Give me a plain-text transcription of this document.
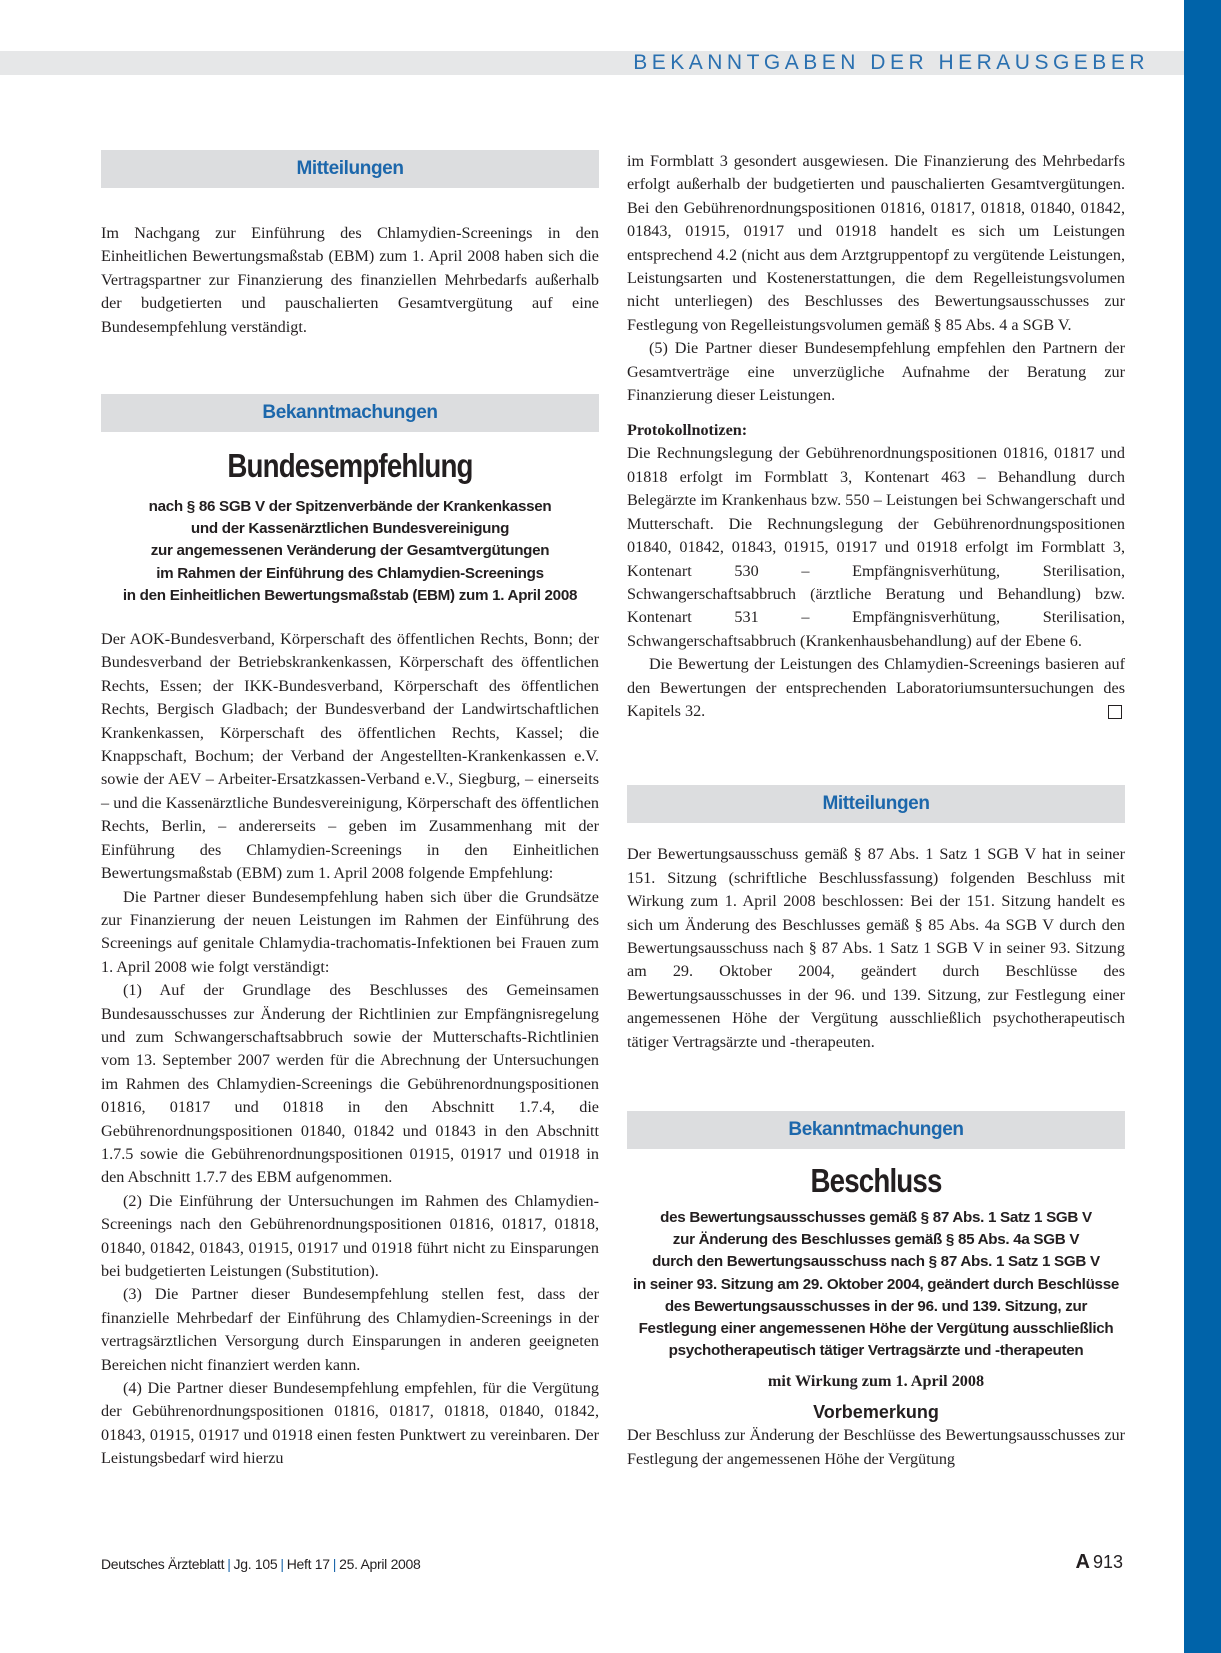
BEKANNTGABEN DER HERAUSGEBER
Mitteilungen

Im Nachgang zur Einführung des Chlamydien-Screenings in den Einheitlichen Bewertungsmaßstab (EBM) zum 1. April 2008 haben sich die Vertragspartner zur Finanzierung des finanziellen Mehrbedarfs außerhalb der budgetierten und pauschalierten Gesamtvergütung auf eine Bundesempfehlung verständigt.

Bekanntmachungen
Bundesempfehlung
nach § 86 SGB V der Spitzenverbände der Krankenkassen
und der Kassenärztlichen Bundesvereinigung
zur angemessenen Veränderung der Gesamtvergütungen
im Rahmen der Einführung des Chlamydien-Screenings
in den Einheitlichen Bewertungsmaßstab (EBM) zum 1. April 2008

Der AOK-Bundesverband, Körperschaft des öffentlichen Rechts, Bonn; der Bundesverband der Betriebskrankenkassen, Körperschaft des öffentlichen Rechts, Essen; der IKK-Bundesverband, Körperschaft des öffentlichen Rechts, Bergisch Gladbach; der Bundesverband der Landwirtschaftlichen Krankenkassen, Körperschaft des öffentlichen Rechts, Kassel; die Knappschaft, Bochum; der Verband der Angestellten-Krankenkassen e.V. sowie der AEV – Arbeiter-Ersatzkassen-Verband e.V., Siegburg, – einerseits – und die Kassenärztliche Bundesvereinigung, Körperschaft des öffentlichen Rechts, Berlin, – andererseits – geben im Zusammenhang mit der Einführung des Chlamydien-Screenings in den Einheitlichen Bewertungsmaßstab (EBM) zum 1. April 2008 folgende Empfehlung:

Die Partner dieser Bundesempfehlung haben sich über die Grundsätze zur Finanzierung der neuen Leistungen im Rahmen der Einführung des Screenings auf genitale Chlamydia-trachomatis-Infektionen bei Frauen zum 1. April 2008 wie folgt verständigt:

(1) Auf der Grundlage des Beschlusses des Gemeinsamen Bundesausschusses zur Änderung der Richtlinien zur Empfängnisregelung und zum Schwangerschaftsabbruch sowie der Mutterschafts-Richtlinien vom 13. September 2007 werden für die Abrechnung der Untersuchungen im Rahmen des Chlamydien-Screenings die Gebührenordnungspositionen 01816, 01817 und 01818 in den Abschnitt 1.7.4, die Gebührenordnungspositionen 01840, 01842 und 01843 in den Abschnitt 1.7.5 sowie die Gebührenordnungspositionen 01915, 01917 und 01918 in den Abschnitt 1.7.7 des EBM aufgenommen.

(2) Die Einführung der Untersuchungen im Rahmen des Chlamydien-Screenings nach den Gebührenordnungspositionen 01816, 01817, 01818, 01840, 01842, 01843, 01915, 01917 und 01918 führt nicht zu Einsparungen bei budgetierten Leistungen (Substitution).

(3) Die Partner dieser Bundesempfehlung stellen fest, dass der finanzielle Mehrbedarf der Einführung des Chlamydien-Screenings in der vertragsärztlichen Versorgung durch Einsparungen in anderen geeigneten Bereichen nicht finanziert werden kann.

(4) Die Partner dieser Bundesempfehlung empfehlen, für die Vergütung der Gebührenordnungspositionen 01816, 01817, 01818, 01840, 01842, 01843, 01915, 01917 und 01918 einen festen Punktwert zu vereinbaren. Der Leistungsbedarf wird hierzu

im Formblatt 3 gesondert ausgewiesen. Die Finanzierung des Mehrbedarfs erfolgt außerhalb der budgetierten und pauschalierten Gesamtvergütungen. Bei den Gebührenordnungspositionen 01816, 01817, 01818, 01840, 01842, 01843, 01915, 01917 und 01918 handelt es sich um Leistungen entsprechend 4.2 (nicht aus dem Arztgruppentopf zu vergütende Leistungen, Leistungsarten und Kostenerstattungen, die dem Regelleistungsvolumen nicht unterliegen) des Beschlusses des Bewertungsausschusses zur Festlegung von Regelleistungsvolumen gemäß § 85 Abs. 4 a SGB V.

(5) Die Partner dieser Bundesempfehlung empfehlen den Partnern der Gesamtverträge eine unverzügliche Aufnahme der Beratung zur Finanzierung dieser Leistungen.

Protokollnotizen:

Die Rechnungslegung der Gebührenordnungspositionen 01816, 01817 und 01818 erfolgt im Formblatt 3, Kontenart 463 – Behandlung durch Belegärzte im Krankenhaus bzw. 550 – Leistungen bei Schwangerschaft und Mutterschaft. Die Rechnungslegung der Gebührenordnungspositionen 01840, 01842, 01843, 01915, 01917 und 01918 erfolgt im Formblatt 3, Kontenart 530 – Empfängnisverhütung, Sterilisation, Schwangerschaftsabbruch (ärztliche Beratung und Behandlung) bzw. Kontenart 531 – Empfängnisverhütung, Sterilisation, Schwangerschaftsabbruch (Krankenhausbehandlung) auf der Ebene 6.

Die Bewertung der Leistungen des Chlamydien-Screenings basieren auf den Bewertungen der entsprechenden Laboratoriumsuntersuchungen des Kapitels 32.

Mitteilungen

Der Bewertungsausschuss gemäß § 87 Abs. 1 Satz 1 SGB V hat in seiner 151. Sitzung (schriftliche Beschlussfassung) folgenden Beschluss mit Wirkung zum 1. April 2008 beschlossen: Bei der 151. Sitzung handelt es sich um Änderung des Beschlusses gemäß § 85 Abs. 4a SGB V durch den Bewertungsausschuss nach § 87 Abs. 1 Satz 1 SGB V in seiner 93. Sitzung am 29. Oktober 2004, geändert durch Beschlüsse des Bewertungsausschusses in der 96. und 139. Sitzung, zur Festlegung einer angemessenen Höhe der Vergütung ausschließlich psychotherapeutisch tätiger Vertragsärzte und -therapeuten.

Bekanntmachungen
Beschluss
des Bewertungsausschusses gemäß § 87 Abs. 1 Satz 1 SGB V
zur Änderung des Beschlusses gemäß § 85 Abs. 4a SGB V
durch den Bewertungsausschuss nach § 87 Abs. 1 Satz 1 SGB V
in seiner 93. Sitzung am 29. Oktober 2004, geändert durch Beschlüsse
des Bewertungsausschusses in der 96. und 139. Sitzung, zur
Festlegung einer angemessenen Höhe der Vergütung ausschließlich
psychotherapeutisch tätiger Vertragsärzte und -therapeuten
mit Wirkung zum 1. April 2008
Vorbemerkung

Der Beschluss zur Änderung der Beschlüsse des Bewertungsausschusses zur Festlegung der angemessenen Höhe der Vergütung

Deutsches Ärzteblatt | Jg. 105 | Heft 17 | 25. April 2008	A 913
